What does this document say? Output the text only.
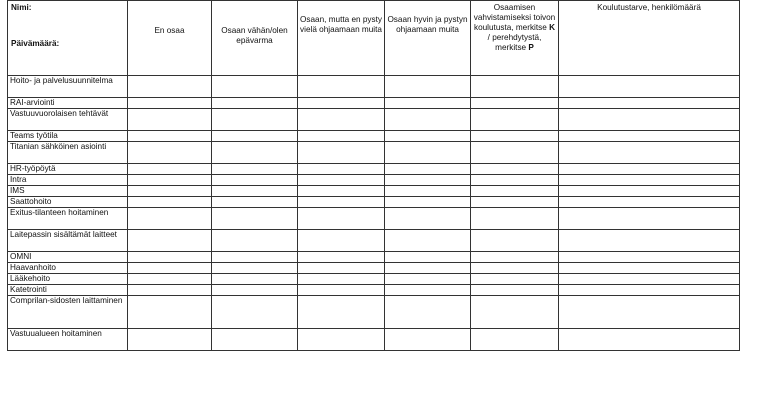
Nimi:
Päivämäärä:	En osaa	Osaan vähän/olen epävarma	Osaan, mutta en pysty vielä ohjaamaan muita	Osaan hyvin ja pystyn ohjaamaan muita	Osaamisen vahvistamiseksi toivon koulutusta, merkitse K / perehdytystä, merkitse P	Koulutustarve, henkilömäärä

Hoito- ja palvelusuunnitelma						
RAI-arviointi						
Vastuuvuorolaisen tehtävät						
Teams työtila						
Titanian sähköinen asiointi						
HR-työpöytä						
Intra						
IMS						
Saattohoito						
Exitus-tilanteen hoitaminen						
Laitepassin sisältämät laitteet						
OMNI						
Haavanhoito						
Lääkehoito						
Katetrointi						
Comprilan-sidosten laittaminen						
Vastuualueen hoitaminen						
